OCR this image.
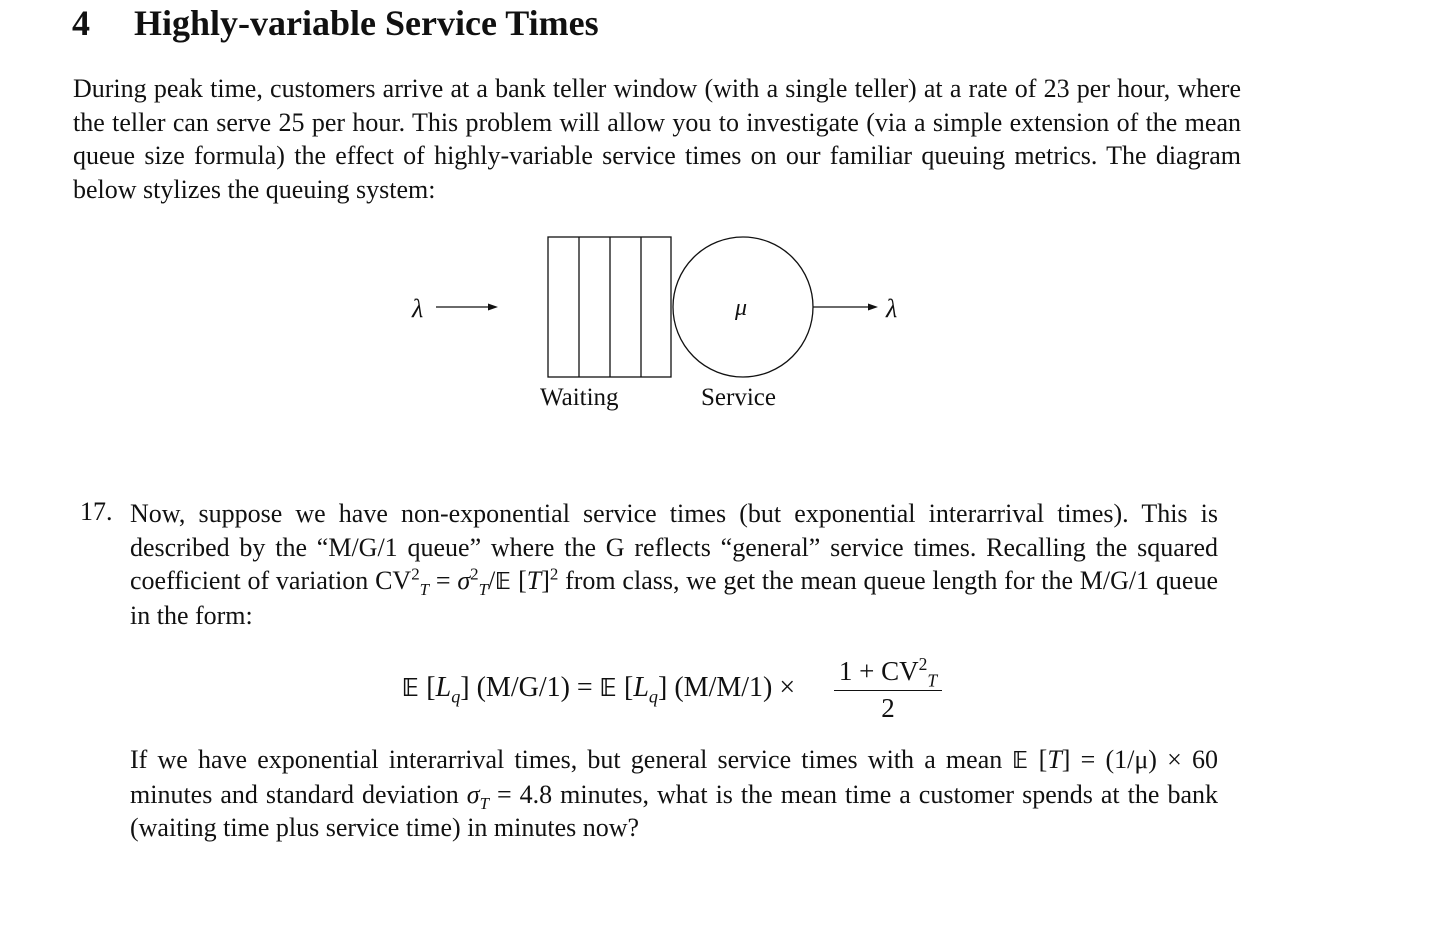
4 Highly-variable Service Times
During peak time, customers arrive at a bank teller window (with a single teller) at a rate of 23 per hour, where the teller can serve 25 per hour. This problem will allow you to investigate (via a simple extension of the mean queue size formula) the effect of highly-variable service times on our familiar queuing metrics. The diagram below stylizes the queuing system:
λ	μ	λ
Waiting	Service
17. Now, suppose we have non-exponential service times (but exponential interarrival times). This is described by the “M/G/1 queue” where the G reflects “general” service times. Recalling the squared coefficient of variation $CV^2_T$ = $\sigma^2_T/𝔼$ $[T]^2$ from class, we get the mean queue length for the M/G/1 queue in the form:
𝔼 $[L_q] (M/G/1)$ = 𝔼 $[L_q] (M/M/1)$ ×
$1 + CV^2_T$
2
If we have exponential interarrival times, but general service times with a mean 𝔼 [T] = (1/μ) × 60 minutes and standard deviation $\sigma_T = 4.8$ minutes, what is the mean time a customer spends at the bank (waiting time plus service time) in minutes now?
